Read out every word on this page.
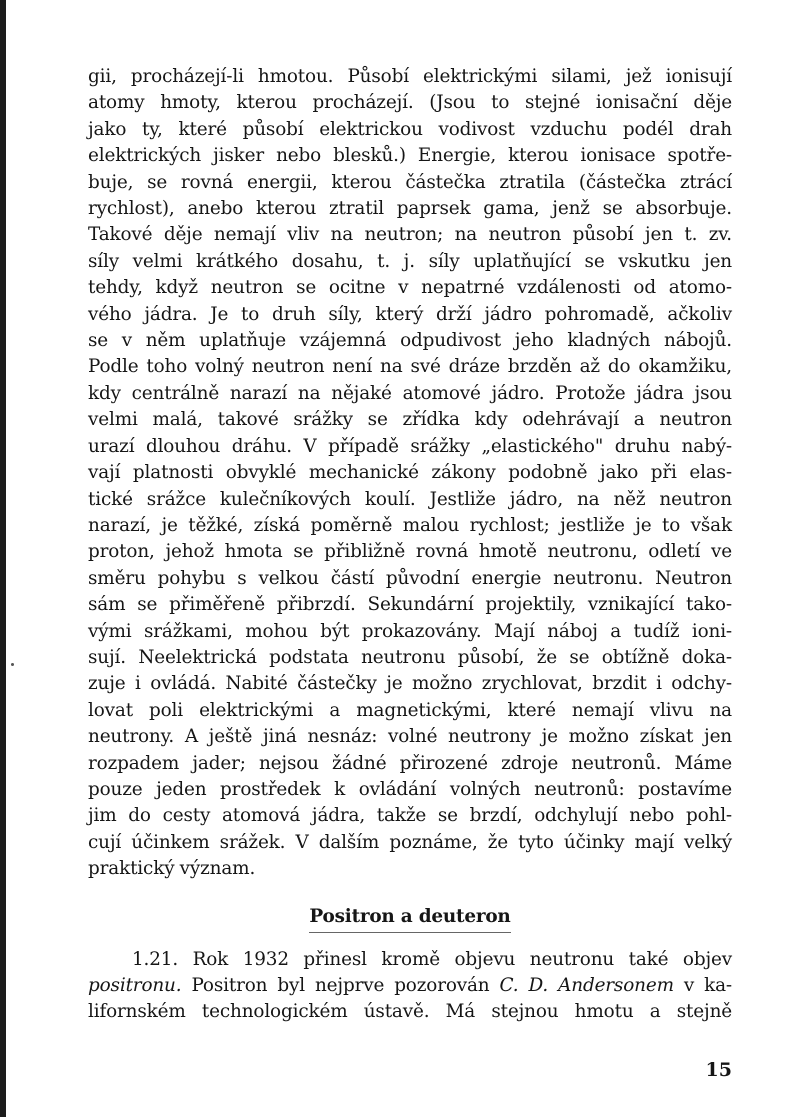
gii, procházejí-li hmotou. Působí elektrickými silami, jež ionisují

atomy hmoty, kterou procházejí. (Jsou to stejné ionisační děje

jako ty, které působí elektrickou vodivost vzduchu podél drah

elektrických jisker nebo blesků.) Energie, kterou ionisace spotře-

buje, se rovná energii, kterou částečka ztratila (částečka ztrácí

rychlost), anebo kterou ztratil paprsek gama, jenž se absorbuje.

Takové děje nemají vliv na neutron; na neutron působí jen t. zv.

síly velmi krátkého dosahu, t. j. síly uplatňující se vskutku jen

tehdy, když neutron se ocitne v nepatrné vzdálenosti od atomo-

vého jádra. Je to druh síly, který drží jádro pohromadě, ačkoliv

se v něm uplatňuje vzájemná odpudivost jeho kladných nábojů.

Podle toho volný neutron není na své dráze brzděn až do okamžiku,

kdy centrálně narazí na nějaké atomové jádro. Protože jádra jsou

velmi malá, takové srážky se zřídka kdy odehrávají a neutron

urazí dlouhou dráhu. V případě srážky „elastického" druhu nabý-

vají platnosti obvyklé mechanické zákony podobně jako při elas-

tické srážce kulečníkových koulí. Jestliže jádro, na něž neutron

narazí, je těžké, získá poměrně malou rychlost; jestliže je to však

proton, jehož hmota se přibližně rovná hmotě neutronu, odletí ve

směru pohybu s velkou částí původní energie neutronu. Neutron

sám se přiměřeně přibrzdí. Sekundární projektily, vznikající tako-

vými srážkami, mohou být prokazovány. Mají náboj a tudíž ioni-

sují. Neelektrická podstata neutronu působí, že se obtížně doka-

zuje i ovládá. Nabité částečky je možno zrychlovat, brzdit i odchy-

lovat poli elektrickými a magnetickými, které nemají vlivu na

neutrony. A ještě jiná nesnáz: volné neutrony je možno získat jen

rozpadem jader; nejsou žádné přirozené zdroje neutronů. Máme

pouze jeden prostředek k ovládání volných neutronů: postavíme

jim do cesty atomová jádra, takže se brzdí, odchylují nebo pohl-

cují účinkem srážek. V dalším poznáme, že tyto účinky mají velký

praktický význam.

Positron a deuteron

1.21. Rok 1932 přinesl kromě objevu neutronu také objev

positronu. Positron byl nejprve pozorován C. D. Andersonem v ka-

lifornském technologickém ústavě. Má stejnou hmotu a stejně

15
